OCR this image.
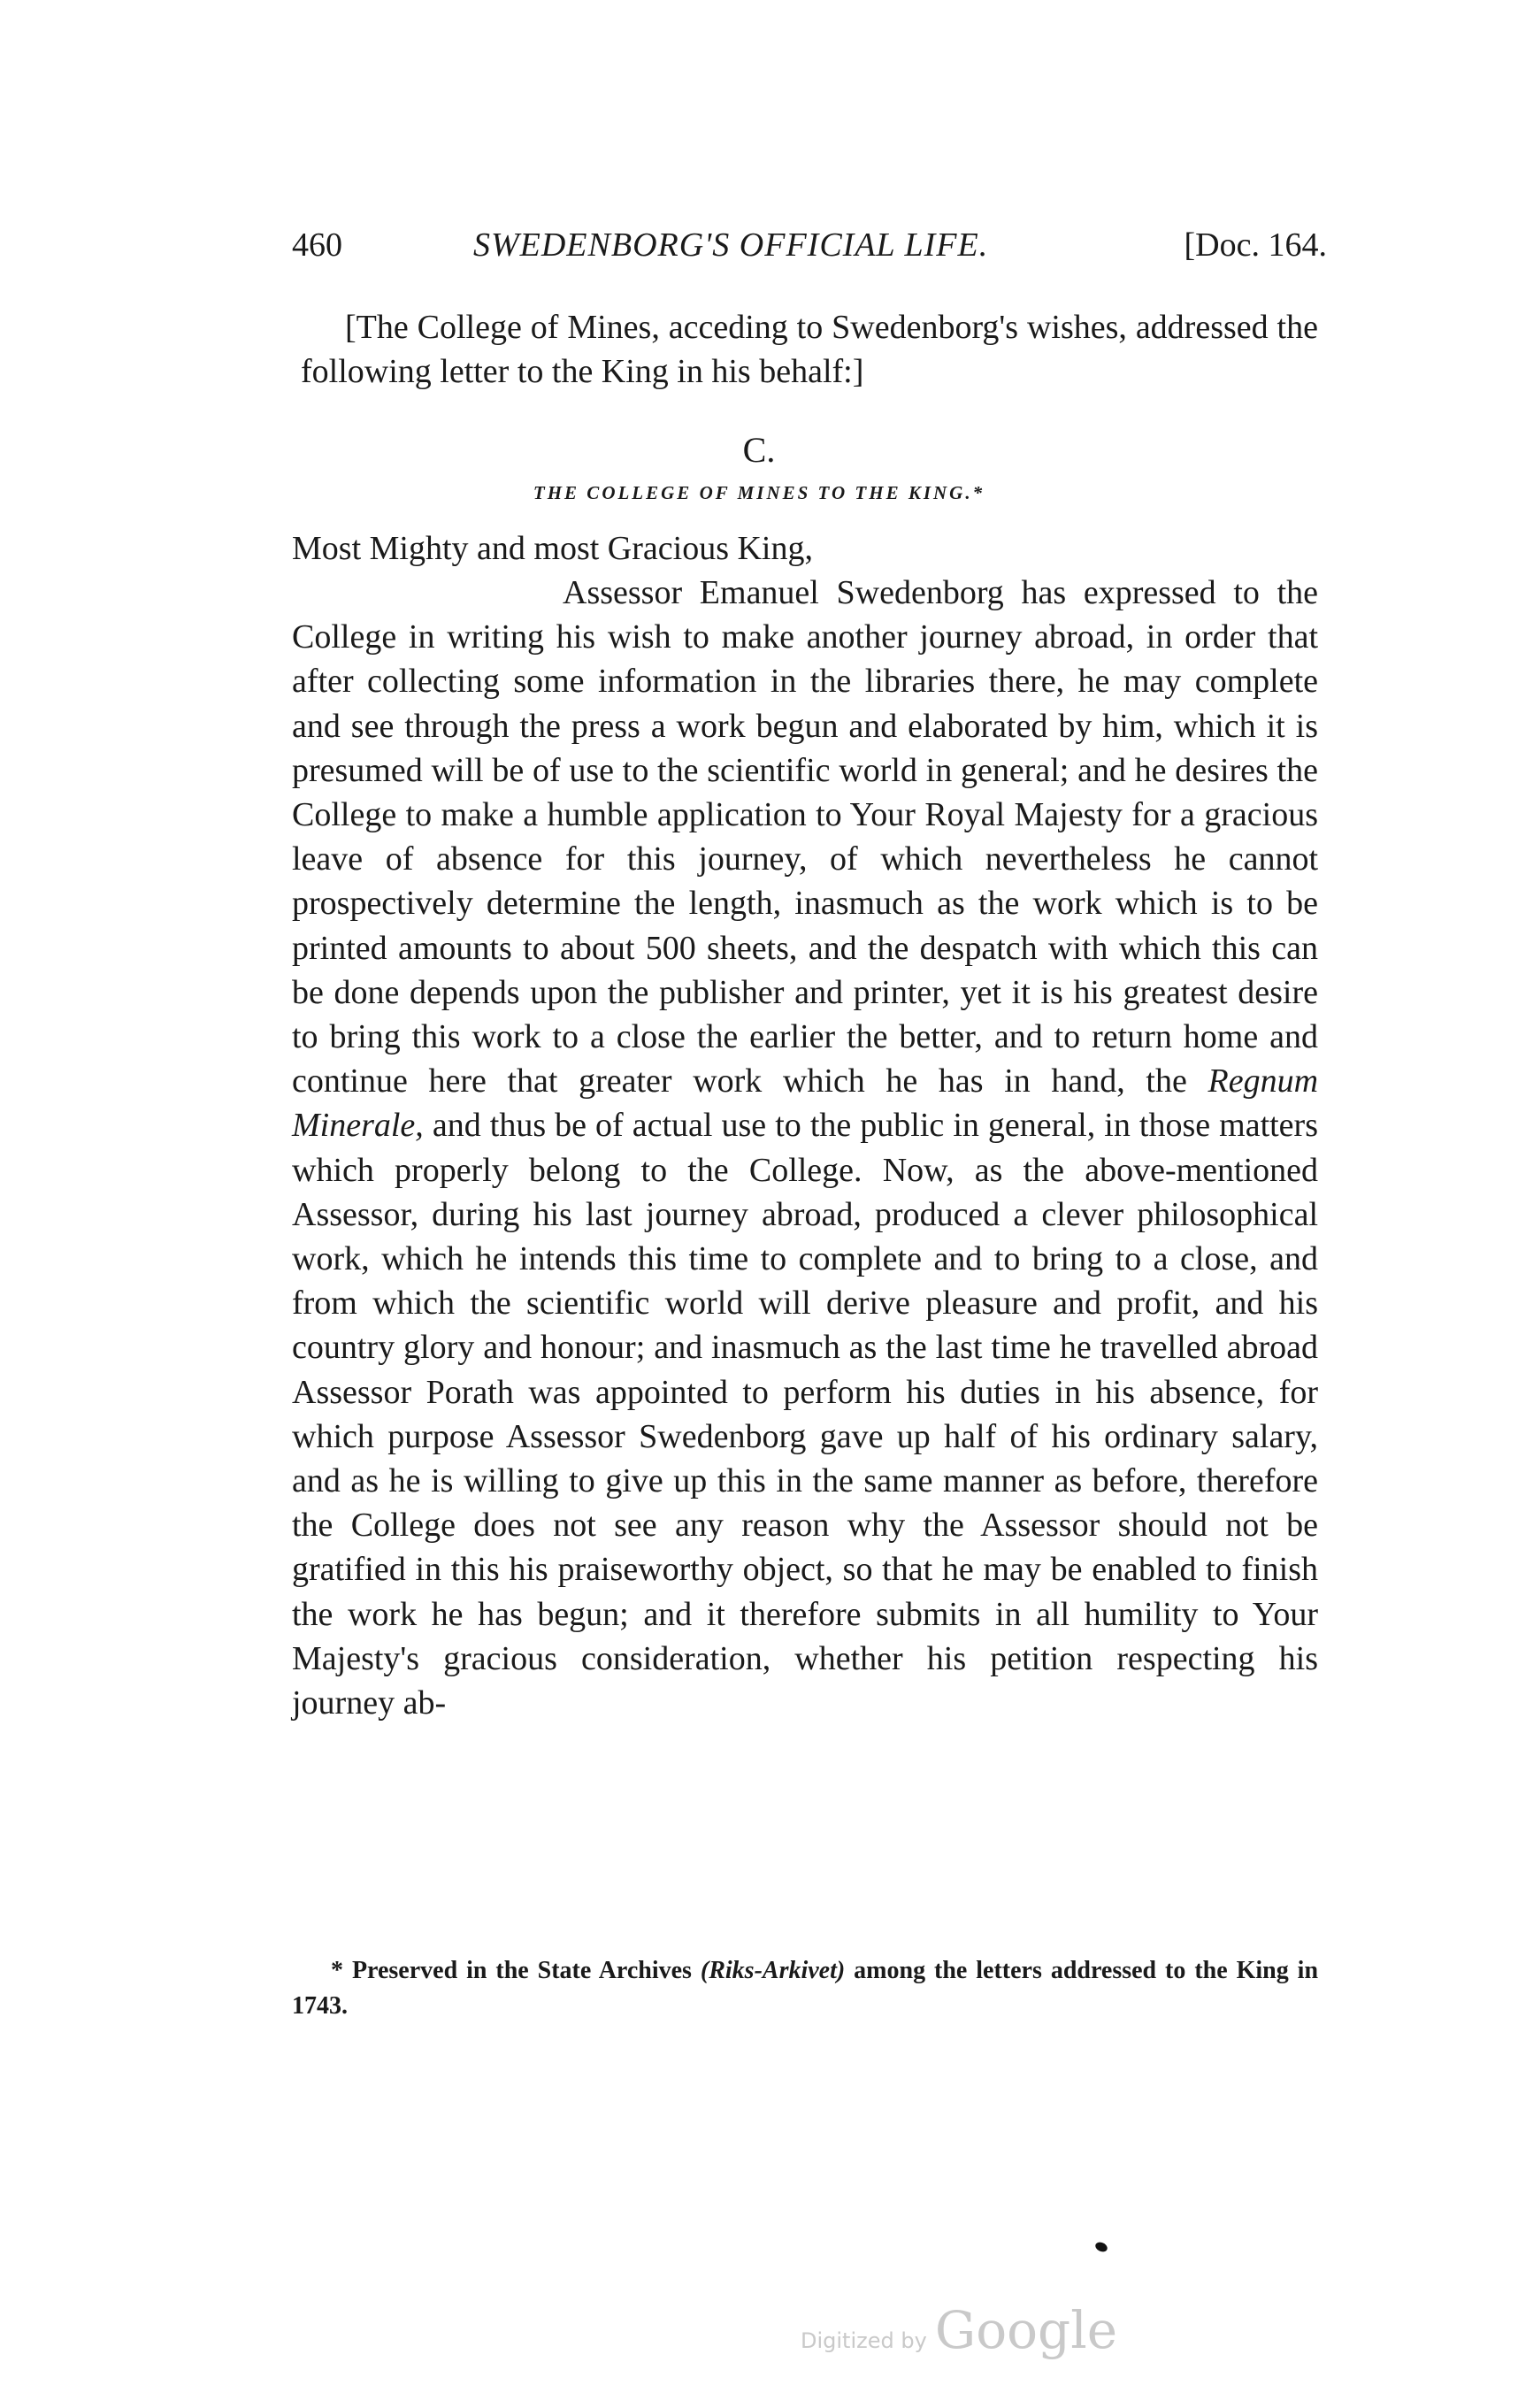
460	SWEDENBORG'S OFFICIAL LIFE.	[Doc. 164.

[The College of Mines, acceding to Swedenborg's wishes, addressed the following letter to the King in his behalf:]

C.
THE COLLEGE OF MINES TO THE KING.*
Most Mighty and most Gracious King,

Assessor Emanuel Swedenborg has expressed to the College in writing his wish to make another journey abroad, in order that after collecting some information in the libraries there, he may complete and see through the press a work begun and elaborated by him, which it is presumed will be of use to the scientific world in general; and he desires the College to make a humble application to Your Royal Majesty for a gracious leave of absence for this journey, of which nevertheless he cannot prospectively determine the length, inasmuch as the work which is to be printed amounts to about 500 sheets, and the despatch with which this can be done depends upon the publisher and printer, yet it is his greatest desire to bring this work to a close the earlier the better, and to return home and continue here that greater work which he has in hand, the Regnum Minerale, and thus be of actual use to the public in general, in those matters which properly belong to the College. Now, as the above-mentioned Assessor, during his last journey abroad, produced a clever philosophical work, which he intends this time to complete and to bring to a close, and from which the scientific world will derive pleasure and profit, and his country glory and honour; and inasmuch as the last time he travelled abroad Assessor Porath was appointed to perform his duties in his absence, for which purpose Assessor Swedenborg gave up half of his ordinary salary, and as he is willing to give up this in the same manner as before, therefore the College does not see any reason why the Assessor should not be gratified in this his praiseworthy object, so that he may be enabled to finish the work he has begun; and it therefore submits in all humility to Your Majesty's gracious consideration, whether his petition respecting his journey ab-

* Preserved in the State Archives (Riks-Arkivet) among the letters addressed to the King in 1743.

Digitized by Google
